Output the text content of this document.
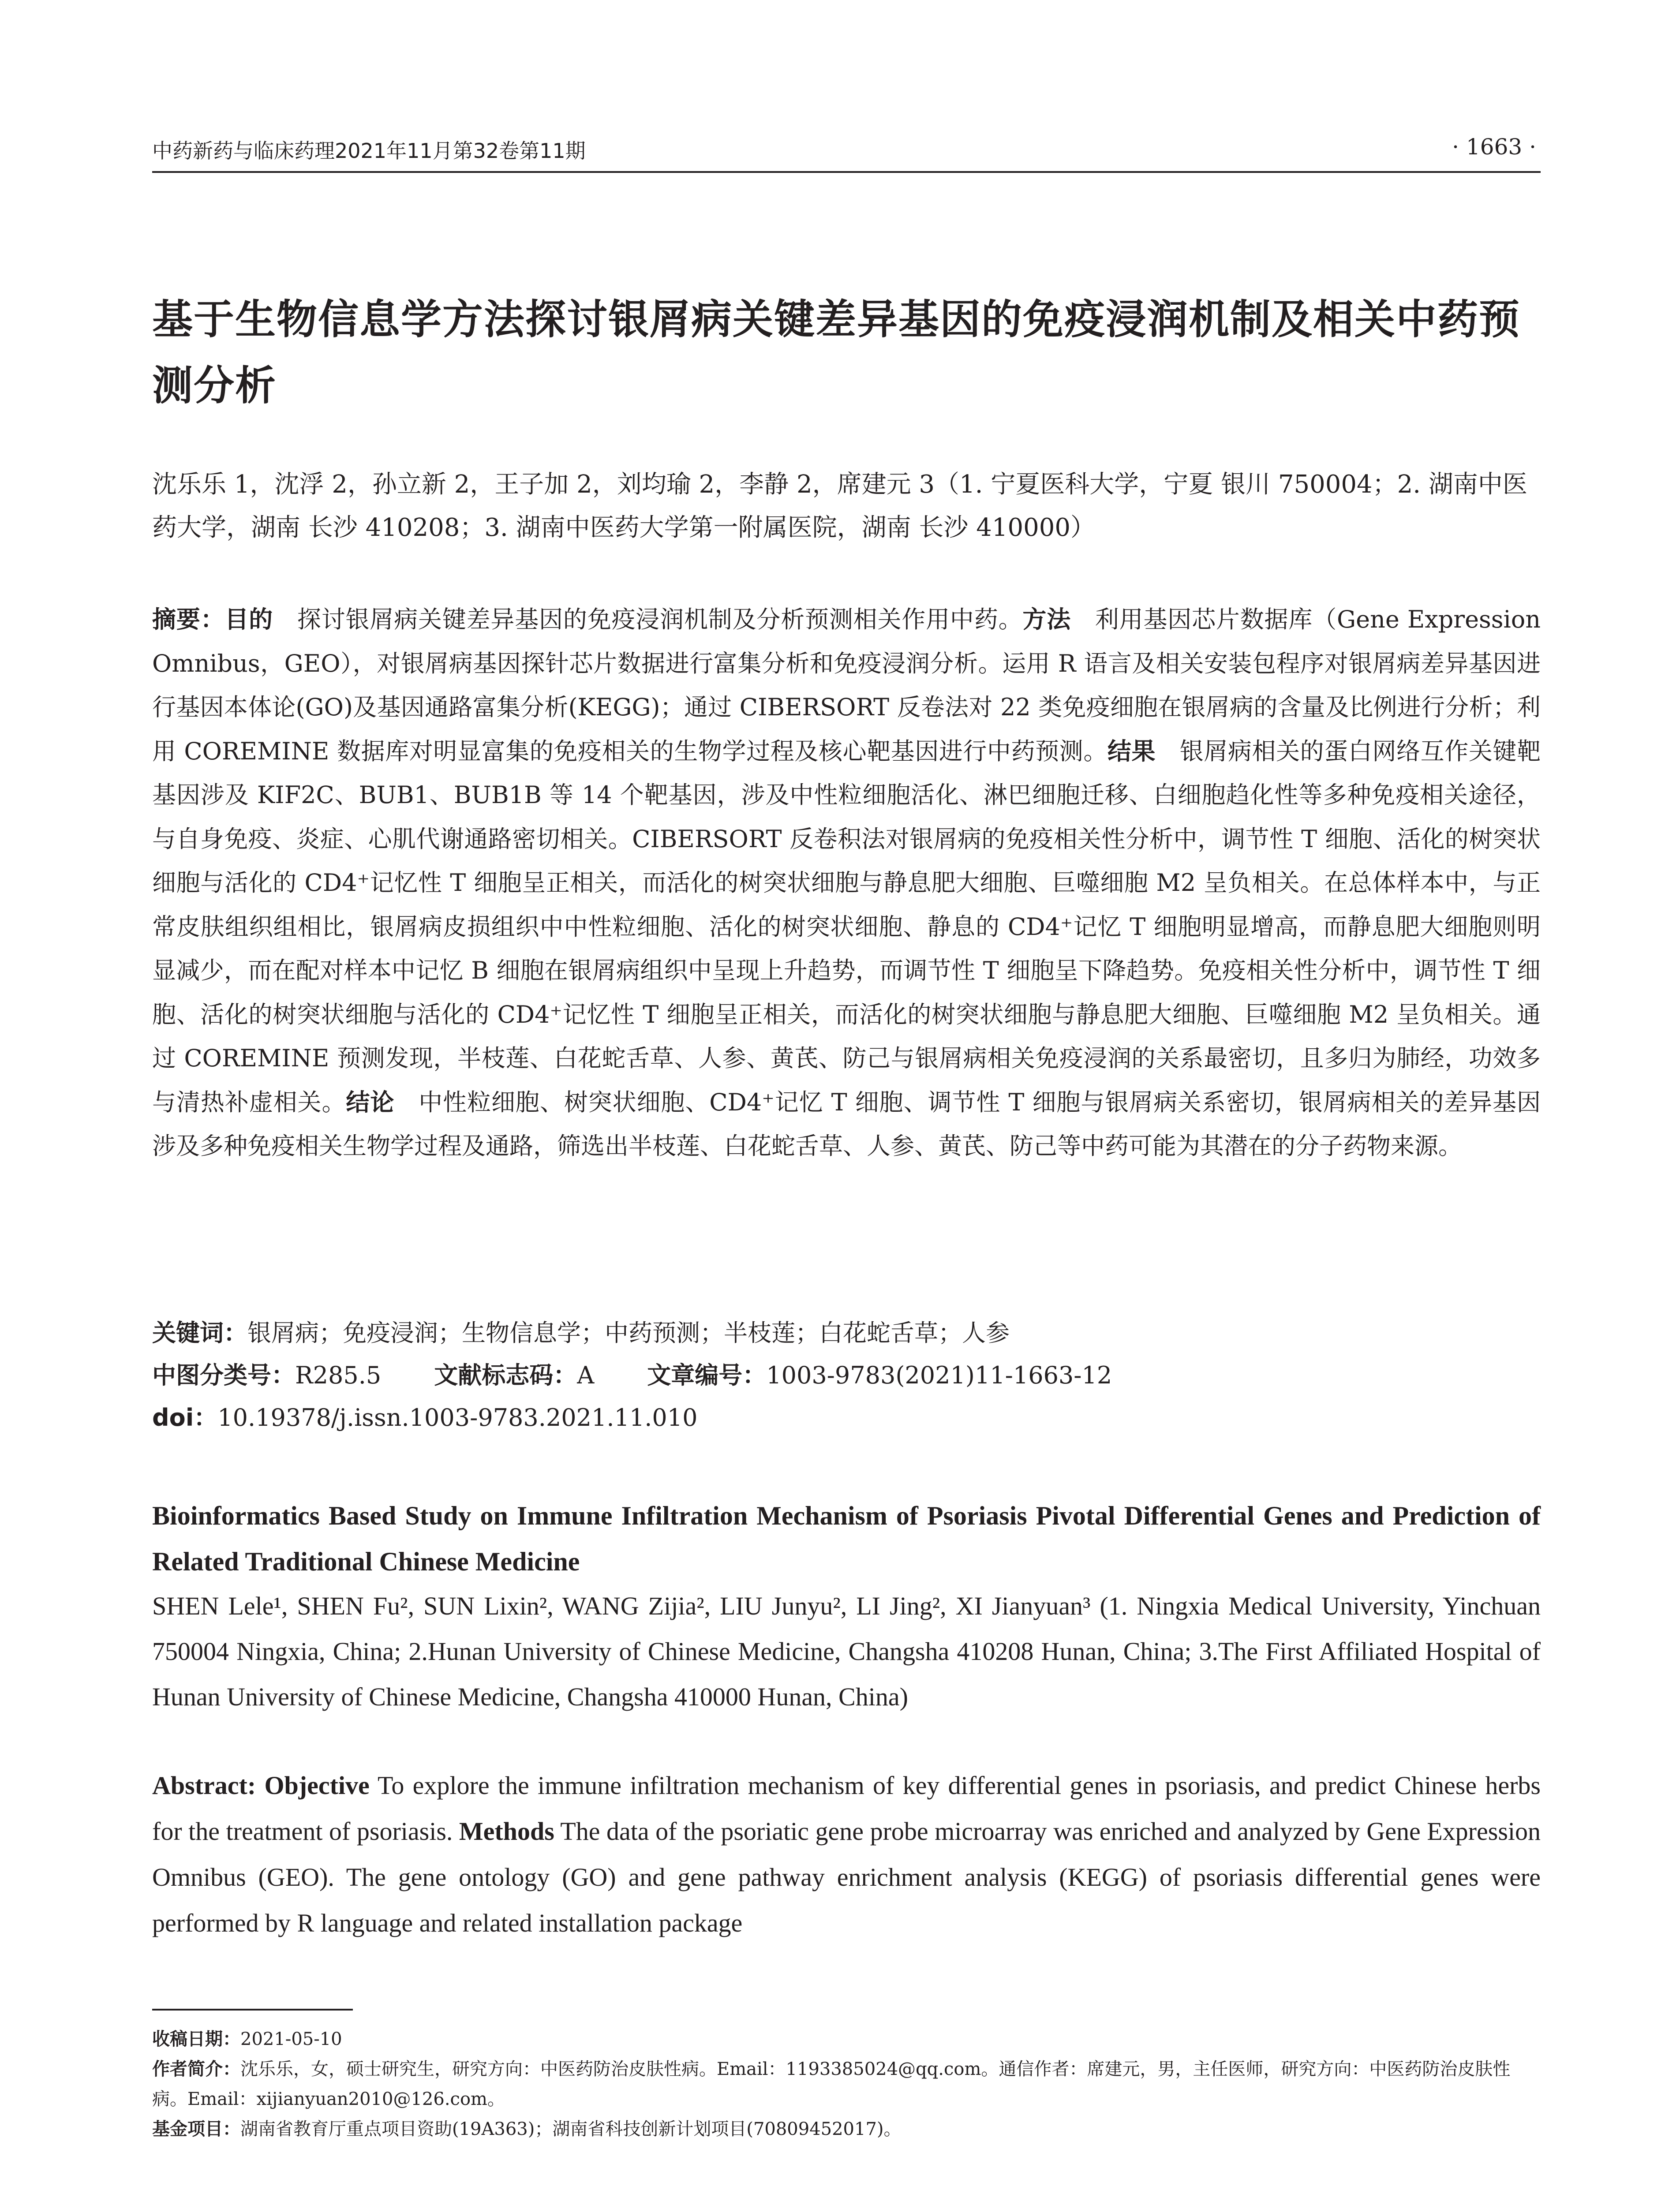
中药新药与临床药理2021年11月第32卷第11期	· 1663 ·
基于生物信息学方法探讨银屑病关键差异基因的免疫浸润机制及相关中药预测分析
沈乐乐 1，沈浮 2，孙立新 2，王子加 2，刘均瑜 2，李静 2，席建元 3（1. 宁夏医科大学，宁夏 银川 750004；2. 湖南中医药大学，湖南 长沙 410208；3. 湖南中医药大学第一附属医院，湖南 长沙 410000）
摘要：目的  探讨银屑病关键差异基因的免疫浸润机制及分析预测相关作用中药。方法  利用基因芯片数据库（Gene Expression Omnibus，GEO），对银屑病基因探针芯片数据进行富集分析和免疫浸润分析。运用 R 语言及相关安装包程序对银屑病差异基因进行基因本体论(GO)及基因通路富集分析(KEGG)；通过 CIBERSORT 反卷法对 22 类免疫细胞在银屑病的含量及比例进行分析；利用 COREMINE 数据库对明显富集的免疫相关的生物学过程及核心靶基因进行中药预测。结果  银屑病相关的蛋白网络互作关键靶基因涉及 KIF2C、BUB1、BUB1B 等 14 个靶基因，涉及中性粒细胞活化、淋巴细胞迁移、白细胞趋化性等多种免疫相关途径，与自身免疫、炎症、心肌代谢通路密切相关。CIBERSORT 反卷积法对银屑病的免疫相关性分析中，调节性 T 细胞、活化的树突状细胞与活化的 CD4⁺记忆性 T 细胞呈正相关，而活化的树突状细胞与静息肥大细胞、巨噬细胞 M2 呈负相关。在总体样本中，与正常皮肤组织组相比，银屑病皮损组织中中性粒细胞、活化的树突状细胞、静息的 CD4⁺记忆 T 细胞明显增高，而静息肥大细胞则明显减少，而在配对样本中记忆 B 细胞在银屑病组织中呈现上升趋势，而调节性 T 细胞呈下降趋势。免疫相关性分析中，调节性 T 细胞、活化的树突状细胞与活化的 CD4⁺记忆性 T 细胞呈正相关，而活化的树突状细胞与静息肥大细胞、巨噬细胞 M2 呈负相关。通过 COREMINE 预测发现，半枝莲、白花蛇舌草、人参、黄芪、防己与银屑病相关免疫浸润的关系最密切，且多归为肺经，功效多与清热补虚相关。结论  中性粒细胞、树突状细胞、CD4⁺记忆 T 细胞、调节性 T 细胞与银屑病关系密切，银屑病相关的差异基因涉及多种免疫相关生物学过程及通路，筛选出半枝莲、白花蛇舌草、人参、黄芪、防己等中药可能为其潜在的分子药物来源。
关键词：银屑病；免疫浸润；生物信息学；中药预测；半枝莲；白花蛇舌草；人参
中图分类号：R285.5 文献标志码：A 文章编号：1003-9783(2021)11-1663-12
doi：10.19378/j.issn.1003-9783.2021.11.010
Bioinformatics Based Study on Immune Infiltration Mechanism of Psoriasis Pivotal Differential Genes and Prediction of Related Traditional Chinese Medicine
SHEN Lele¹, SHEN Fu², SUN Lixin², WANG Zijia², LIU Junyu², LI Jing², XI Jianyuan³ (1. Ningxia Medical University, Yinchuan 750004 Ningxia, China; 2.Hunan University of Chinese Medicine, Changsha 410208 Hunan, China; 3.The First Affiliated Hospital of Hunan University of Chinese Medicine, Changsha 410000 Hunan, China)
Abstract: Objective To explore the immune infiltration mechanism of key differential genes in psoriasis, and predict Chinese herbs for the treatment of psoriasis. Methods The data of the psoriatic gene probe microarray was enriched and analyzed by Gene Expression Omnibus (GEO). The gene ontology (GO) and gene pathway enrichment analysis (KEGG) of psoriasis differential genes were performed by R language and related installation package
收稿日期：2021-05-10
作者简介：沈乐乐，女，硕士研究生，研究方向：中医药防治皮肤性病。Email：1193385024@qq.com。通信作者：席建元，男，主任医师，研究方向：中医药防治皮肤性病。Email：xijianyuan2010@126.com。
基金项目：湖南省教育厅重点项目资助(19A363)；湖南省科技创新计划项目(70809452017)。
